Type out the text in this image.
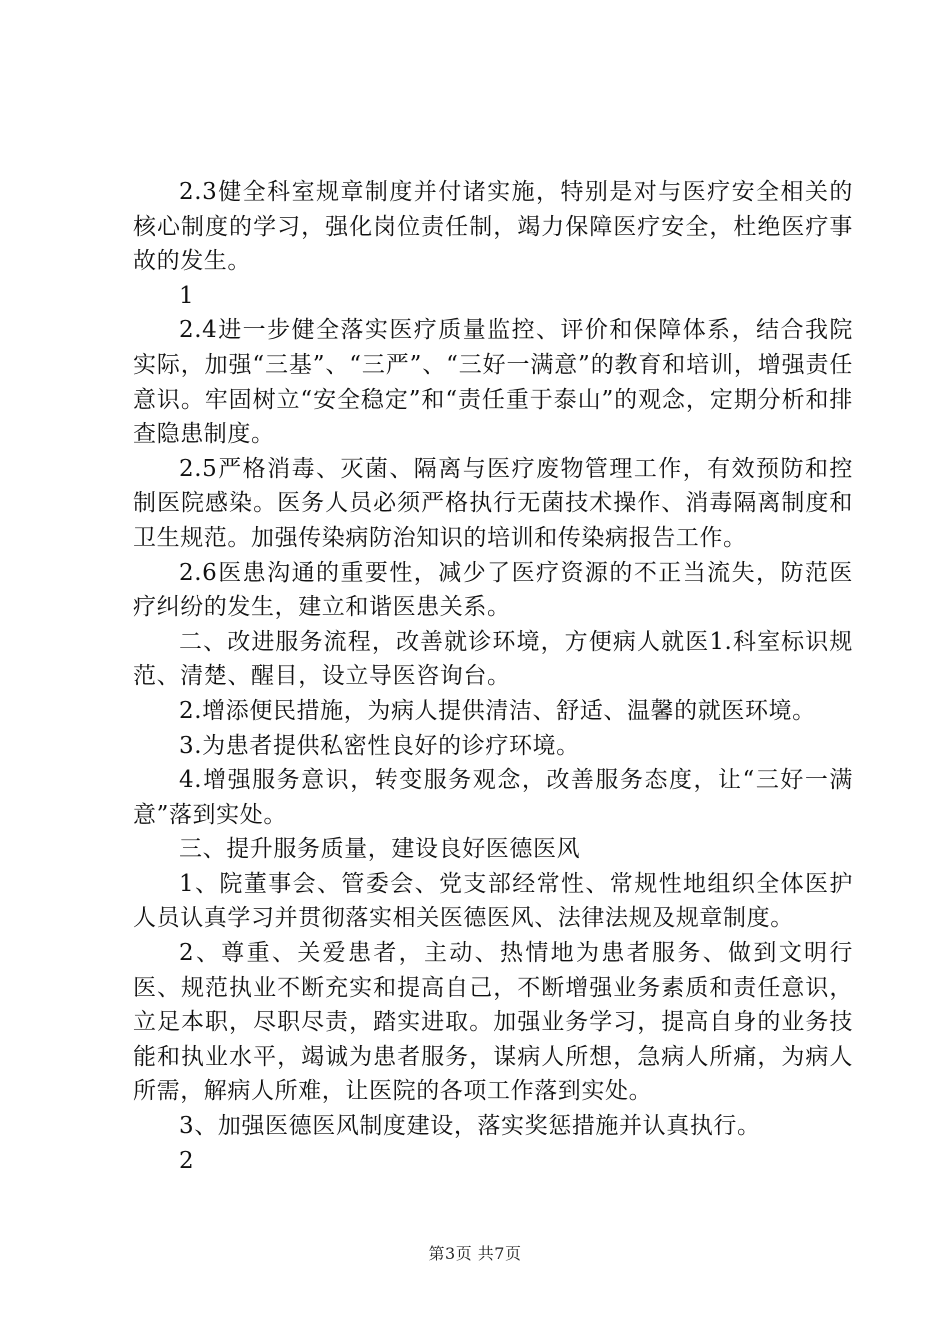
2.3健全科室规章制度并付诸实施，特别是对与医疗安全相关的核心制度的学习，强化岗位责任制，竭力保障医疗安全，杜绝医疗事故的发生。

1

2.4进一步健全落实医疗质量监控、评价和保障体系，结合我院实际，加强“三基”、“三严”、“三好一满意”的教育和培训，增强责任意识。牢固树立“安全稳定”和“责任重于泰山”的观念，定期分析和排查隐患制度。

2.5严格消毒、灭菌、隔离与医疗废物管理工作，有效预防和控制医院感染。医务人员必须严格执行无菌技术操作、消毒隔离制度和卫生规范。加强传染病防治知识的培训和传染病报告工作。

2.6医患沟通的重要性，减少了医疗资源的不正当流失，防范医疗纠纷的发生，建立和谐医患关系。

二、改进服务流程，改善就诊环境，方便病人就医1.科室标识规范、清楚、醒目，设立导医咨询台。

2.增添便民措施，为病人提供清洁、舒适、温馨的就医环境。

3.为患者提供私密性良好的诊疗环境。

4.增强服务意识，转变服务观念，改善服务态度，让“三好一满意”落到实处。

三、提升服务质量，建设良好医德医风

1、院董事会、管委会、党支部经常性、常规性地组织全体医护人员认真学习并贯彻落实相关医德医风、法律法规及规章制度。

2、尊重、关爱患者，主动、热情地为患者服务、做到文明行医、规范执业不断充实和提高自己，不断增强业务素质和责任意识，立足本职，尽职尽责，踏实进取。加强业务学习，提高自身的业务技能和执业水平，竭诚为患者服务，谋病人所想，急病人所痛，为病人所需，解病人所难，让医院的各项工作落到实处。

3、加强医德医风制度建设，落实奖惩措施并认真执行。

2

第3页 共7页
